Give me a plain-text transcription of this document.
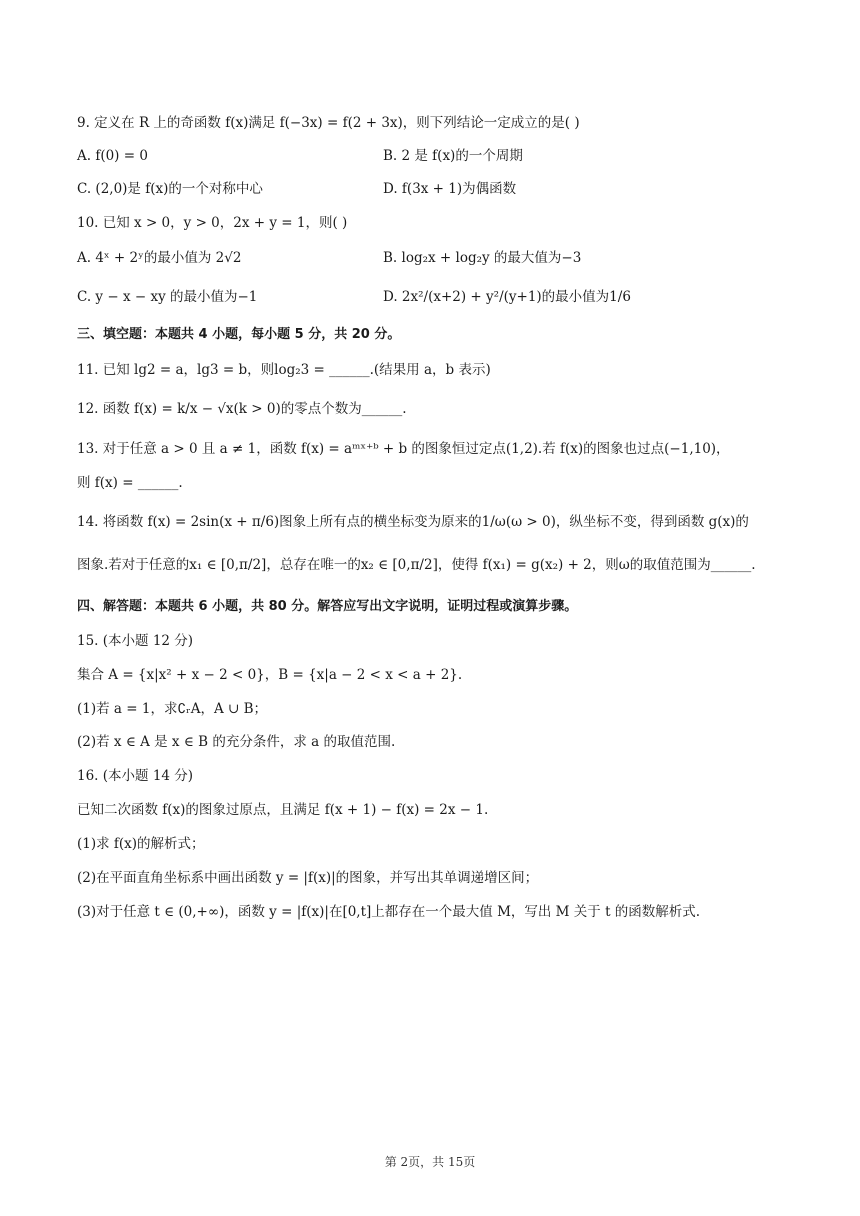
9. 定义在 R 上的奇函数 f(x)满足 f(−3x) = f(2 + 3x)，则下列结论一定成立的是( )
A. f(0) = 0	B. 2 是 f(x)的一个周期
C. (2,0)是 f(x)的一个对称中心	D. f(3x + 1)为偶函数
10. 已知 x > 0，y > 0，2x + y = 1，则( )
A. 4ˣ + 2ʸ的最小值为 2√2	B. log₂x + log₂y 的最大值为−3
C. y − x − xy 的最小值为−1	D. 2x²/(x+2) + y²/(y+1)的最小值为1/6
三、填空题：本题共 4 小题，每小题 5 分，共 20 分。
11. 已知 lg2 = a，lg3 = b，则log₂3 = ______.(结果用 a，b 表示)
12. 函数 f(x) = k/x − √x(k > 0)的零点个数为______.
13. 对于任意 a > 0 且 a ≠ 1，函数 f(x) = aᵐˣ⁺ᵇ + b 的图象恒过定点(1,2).若 f(x)的图象也过点(−1,10)，
则 f(x) = ______.
14. 将函数 f(x) = 2sin(x + π/6)图象上所有点的横坐标变为原来的1/ω(ω > 0)，纵坐标不变，得到函数 g(x)的
图象.若对于任意的x₁ ∈ [0,π/2]，总存在唯一的x₂ ∈ [0,π/2]，使得 f(x₁) = g(x₂) + 2，则ω的取值范围为______.
四、解答题：本题共 6 小题，共 80 分。解答应写出文字说明，证明过程或演算步骤。
15. (本小题 12 分)
集合 A = {x|x² + x − 2 < 0}，B = {x|a − 2 < x < a + 2}.
(1)若 a = 1，求∁ᵣA，A ∪ B；
(2)若 x ∈ A 是 x ∈ B 的充分条件，求 a 的取值范围.
16. (本小题 14 分)
已知二次函数 f(x)的图象过原点，且满足 f(x + 1) − f(x) = 2x − 1.
(1)求 f(x)的解析式；
(2)在平面直角坐标系中画出函数 y = |f(x)|的图象，并写出其单调递增区间；
(3)对于任意 t ∈ (0,+∞)，函数 y = |f(x)|在[0,t]上都存在一个最大值 M，写出 M 关于 t 的函数解析式.
第 2页，共 15页
